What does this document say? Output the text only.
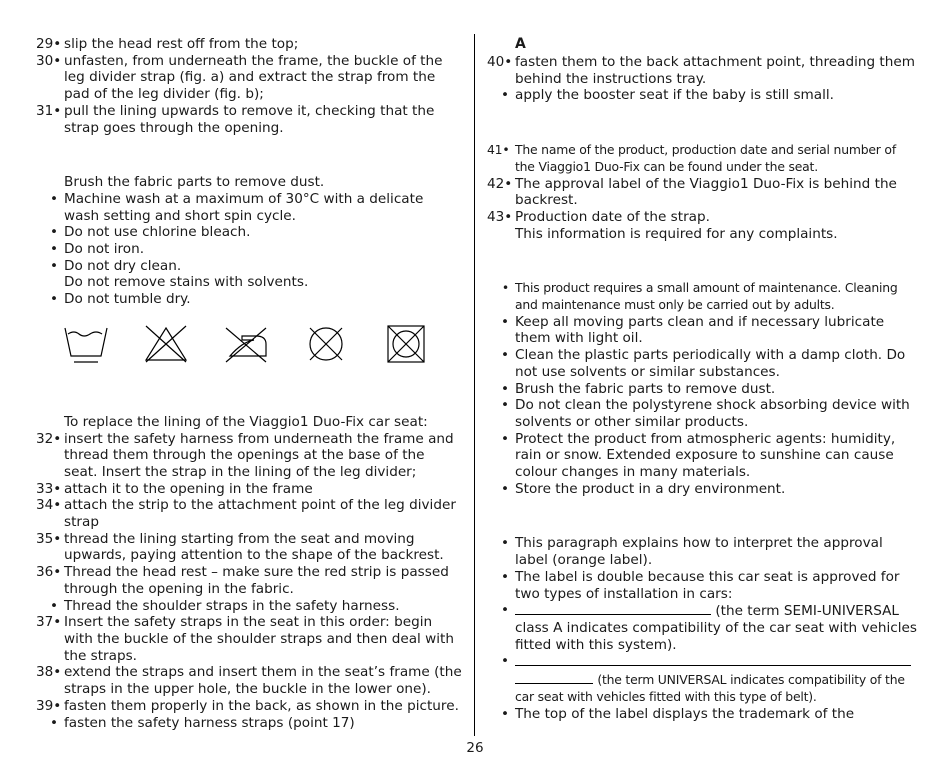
29• slip the head rest off from the top;
30• unfasten, from underneath the frame, the buckle of the leg divider strap (fig. a) and extract the strap from the pad of the leg divider (fig. b);
31• pull the lining upwards to remove it, checking that the strap goes through the opening.
Brush the fabric parts to remove dust.
• Machine wash at a maximum of 30°C with a delicate wash setting and short spin cycle.
• Do not use chlorine bleach.
• Do not iron.
• Do not dry clean.
Do not remove stains with solvents.
• Do not tumble dry.
To replace the lining of the Viaggio1 Duo-Fix car seat:
32• insert the safety harness from underneath the frame and thread them through the openings at the base of the seat. Insert the strap in the lining of the leg divider;
33• attach it to the opening in the frame
34• attach the strip to the attachment point of the leg divider strap
35• thread the lining starting from the seat and moving upwards, paying attention to the shape of the backrest.
36• Thread the head rest – make sure the red strip is passed through the opening in the fabric.
• Thread the shoulder straps in the safety harness.
37• Insert the safety straps in the seat in this order: begin with the buckle of the shoulder straps and then deal with the straps.
38• extend the straps and insert them in the seat’s frame (the straps in the upper hole, the buckle in the lower one).
39• fasten them properly in the back, as shown in the picture.
• fasten the safety harness straps (point 17)
A
40• fasten them to the back attachment point, threading them behind the instructions tray.
• apply the booster seat if the baby is still small.
41• The name of the product, production date and serial number of the Viaggio1 Duo-Fix can be found under the seat.
42• The approval label of the Viaggio1 Duo-Fix is behind the backrest.
43• Production date of the strap.
This information is required for any complaints.
• This product requires a small amount of maintenance. Cleaning and maintenance must only be carried out by adults.
• Keep all moving parts clean and if necessary lubricate them with light oil.
• Clean the plastic parts periodically with a damp cloth. Do not use solvents or similar substances.
• Brush the fabric parts to remove dust.
• Do not clean the polystyrene shock absorbing device with solvents or other similar products.
• Protect the product from atmospheric agents: humidity, rain or snow. Extended exposure to sunshine can cause colour changes in many materials.
• Store the product in a dry environment.
• This paragraph explains how to interpret the approval label (orange label).
• The label is double because this car seat is approved for two types of installation in cars:
•	(the term SEMI-UNIVERSAL class A indicates compatibility of the car seat with vehicles fitted with this system).
•

(the term UNIVERSAL indicates compatibility of the car seat with vehicles fitted with this type of belt).
• The top of the label displays the trademark of the
26
